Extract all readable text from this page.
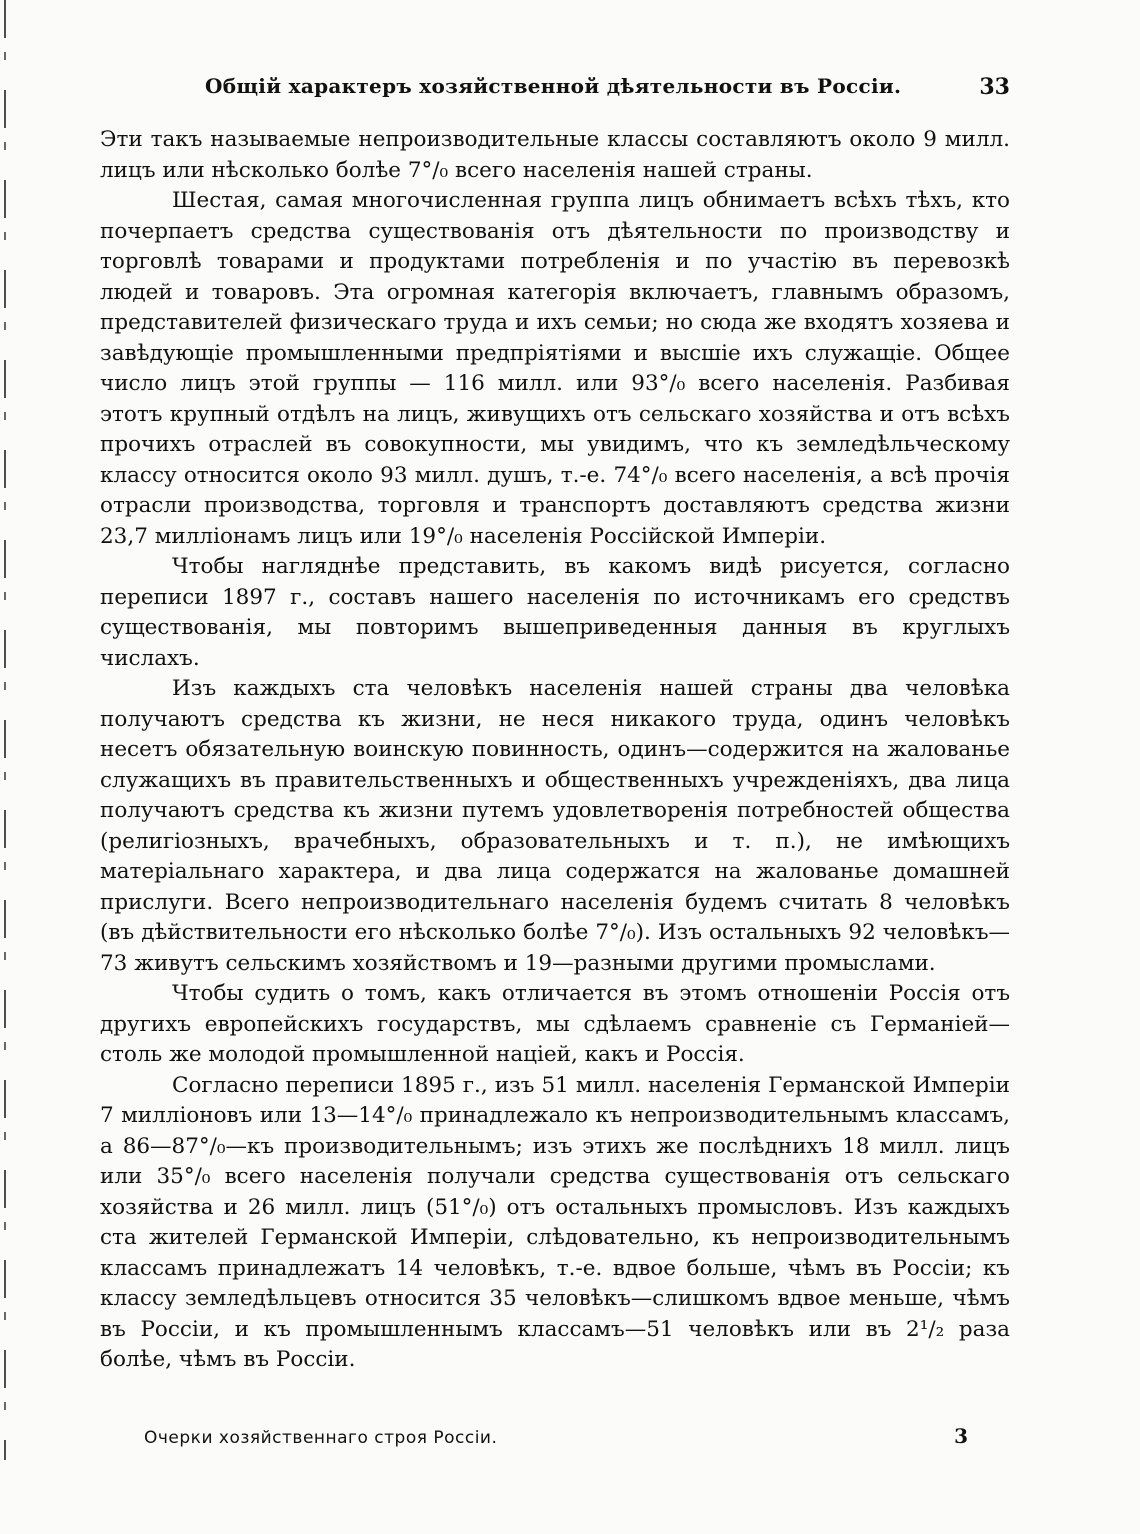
Общій характеръ хозяйственной дѣятельности въ Россіи.	33

Эти такъ называемые непроизводительные классы составляютъ около 9 милл. лицъ или нѣсколько болѣе 7°/₀ всего населенія нашей страны.

Шестая, самая многочисленная группа лицъ обнимаетъ всѣхъ тѣхъ, кто почерпаетъ средства существованія отъ дѣятельности по производству и торговлѣ товарами и продуктами потребленія и по участію въ перевозкѣ людей и товаровъ. Эта огромная категорія включаетъ, главнымъ образомъ, представителей физическаго труда и ихъ семьи; но сюда же входятъ хозяева и завѣдующіе промышленными предпріятіями и высшіе ихъ служащіе. Общее число лицъ этой группы — 116 милл. или 93°/₀ всего населенія. Разбивая этотъ крупный отдѣлъ на лицъ, живущихъ отъ сельскаго хозяйства и отъ всѣхъ прочихъ отраслей въ совокупности, мы увидимъ, что къ земледѣльческому классу относится около 93 милл. душъ, т.-е. 74°/₀ всего населенія, а всѣ прочія отрасли производства, торговля и транспортъ доставляютъ средства жизни 23,7 милліонамъ лицъ или 19°/₀ населенія Россійской Имперіи.

Чтобы нагляднѣе представить, въ какомъ видѣ рисуется, согласно переписи 1897 г., составъ нашего населенія по источникамъ его средствъ существованія, мы повторимъ вышеприведенныя данныя въ круглыхъ числахъ.

Изъ каждыхъ ста человѣкъ населенія нашей страны два человѣка получаютъ средства къ жизни, не неся никакого труда, одинъ человѣкъ несетъ обязательную воинскую повинность, одинъ—содержится на жалованье служащихъ въ правительственныхъ и общественныхъ учрежденіяхъ, два лица получаютъ средства къ жизни путемъ удовлетворенія потребностей общества (религіозныхъ, врачебныхъ, образовательныхъ и т. п.), не имѣющихъ матеріальнаго характера, и два лица содержатся на жалованье домашней прислуги. Всего непроизводительнаго населенія будемъ считать 8 человѣкъ (въ дѣйствительности его нѣсколько болѣе 7°/₀). Изъ остальныхъ 92 человѣкъ—73 живутъ сельскимъ хозяйствомъ и 19—разными другими промыслами.

Чтобы судить о томъ, какъ отличается въ этомъ отношеніи Россія отъ другихъ европейскихъ государствъ, мы сдѣлаемъ сравненіе съ Германіей—столь же молодой промышленной націей, какъ и Россія.

Согласно переписи 1895 г., изъ 51 милл. населенія Германской Имперіи 7 милліоновъ или 13—14°/₀ принадлежало къ непроизводительнымъ классамъ, а 86—87°/₀—къ производительнымъ; изъ этихъ же послѣднихъ 18 милл. лицъ или 35°/₀ всего населенія получали средства существованія отъ сельскаго хозяйства и 26 милл. лицъ (51°/₀) отъ остальныхъ промысловъ. Изъ каждыхъ ста жителей Германской Имперіи, слѣдовательно, къ непроизводительнымъ классамъ принадлежатъ 14 человѣкъ, т.-е. вдвое больше, чѣмъ въ Россіи; къ классу земледѣльцевъ относится 35 человѣкъ—слишкомъ вдвое меньше, чѣмъ въ Россіи, и къ промышленнымъ классамъ—51 человѣкъ или въ 2¹/₂ раза болѣе, чѣмъ въ Россіи.

Очерки хозяйственнаго строя Россіи.	3
